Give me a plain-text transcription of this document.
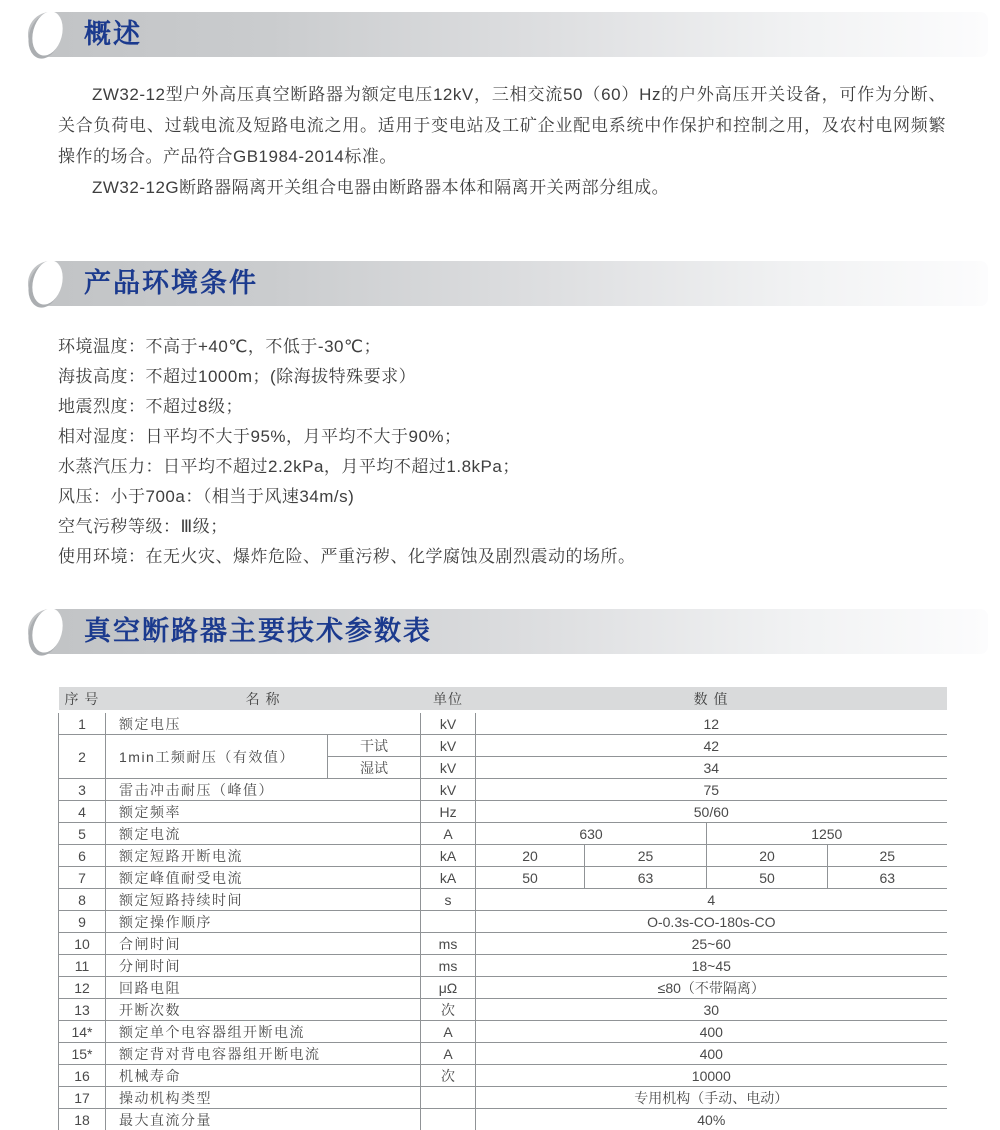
概述

ZW32-12型户外高压真空断路器为额定电压12kV，三相交流50（60）Hz的户外高压开关设备，可作为分断、关合负荷电、过载电流及短路电流之用。适用于变电站及工矿企业配电系统中作保护和控制之用，及农村电网频繁操作的场合。产品符合GB1984-2014标准。

ZW32-12G断路器隔离开关组合电器由断路器本体和隔离开关两部分组成。

产品环境条件
环境温度：不高于+40℃，不低于-30℃；
海拔高度：不超过1000m；(除海拔特殊要求）
地震烈度：不超过8级；
相对湿度：日平均不大于95%，月平均不大于90%；
水蒸汽压力：日平均不超过2.2kPa，月平均不超过1.8kPa；
风压：小于700a：（相当于风速34m/s)
空气污秽等级：Ⅲ级；
使用环境：在无火灾、爆炸危险、严重污秽、化学腐蚀及剧烈震动的场所。
真空断路器主要技术参数表
序 号	名 称		单位	数 值			
1	额定电压		kV	12			
2	1min工频耐压（有效值）	干试	kV	42			
		湿试	kV	34			
3	雷击冲击耐压（峰值）		kV	75			
4	额定频率		Hz	50/60			
5	额定电流		A	630		1250	
6	额定短路开断电流		kA	20	25	20	25
7	额定峰值耐受电流		kA	50	63	50	63
8	额定短路持续时间		s	4			
9	额定操作顺序			O-0.3s-CO-180s-CO			
10	合闸时间		ms	25~60			
11	分闸时间		ms	18~45			
12	回路电阻		μΩ	≤80（不带隔离）			
13	开断次数		次	30			
14*	额定单个电容器组开断电流		A	400			
15*	额定背对背电容器组开断电流		A	400			
16	机械寿命		次	10000			
17	操动机构类型			专用机构（手动、电动）			
18	最大直流分量			40%			
